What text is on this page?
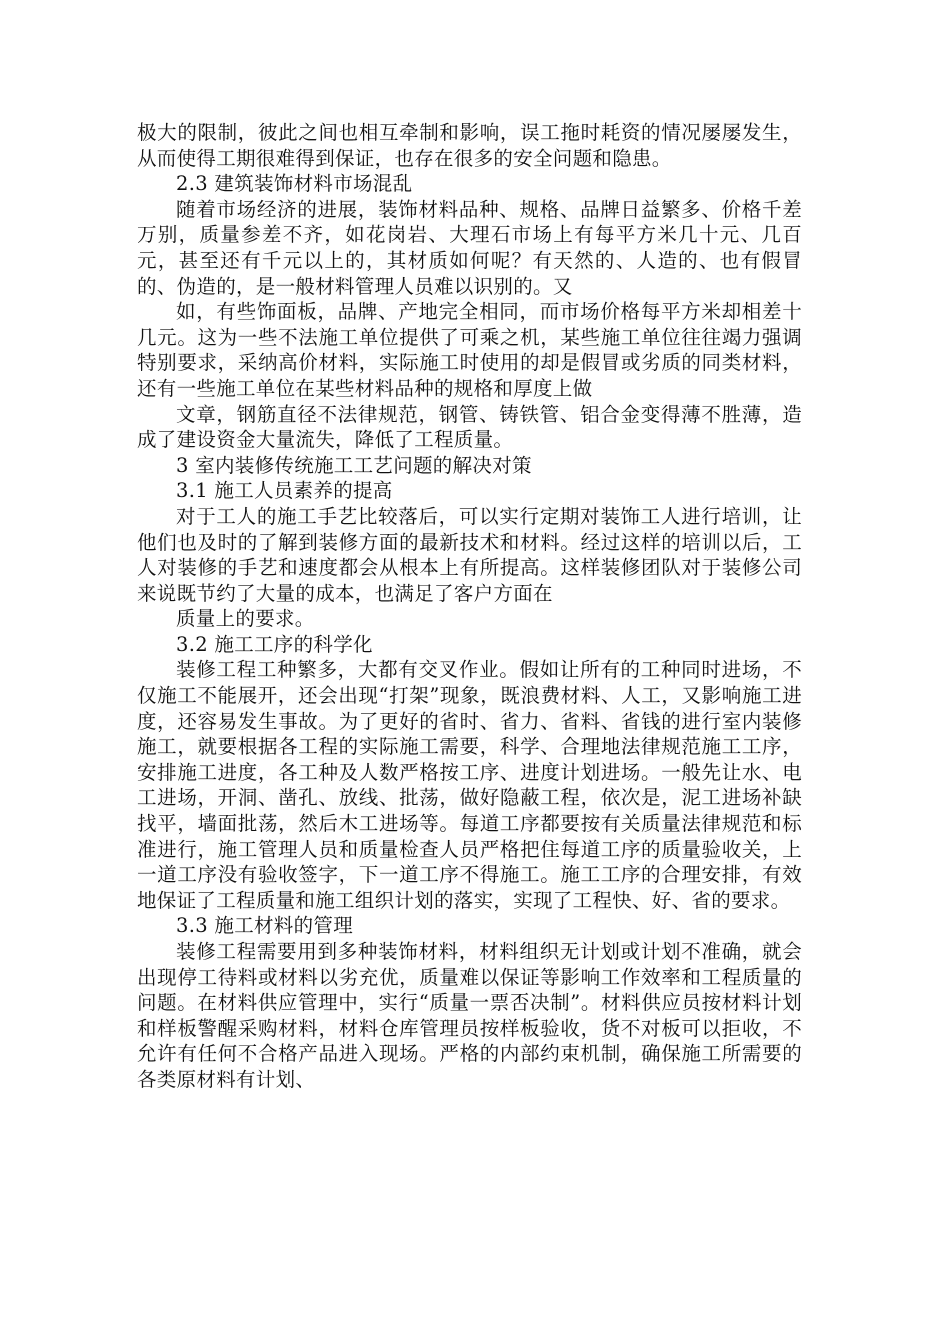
极大的限制，彼此之间也相互牵制和影响，误工拖时耗资的情况屡屡发生，从而使得工期很难得到保证，也存在很多的安全问题和隐患。

2.3 建筑装饰材料市场混乱

随着市场经济的进展，装饰材料品种、规格、品牌日益繁多、价格千差万别，质量参差不齐，如花岗岩、大理石市场上有每平方米几十元、几百元，甚至还有千元以上的，其材质如何呢？有天然的、人造的、也有假冒的、伪造的，是一般材料管理人员难以识别的。又

如，有些饰面板，品牌、产地完全相同，而市场价格每平方米却相差十几元。这为一些不法施工单位提供了可乘之机，某些施工单位往往竭力强调特别要求，采纳高价材料，实际施工时使用的却是假冒或劣质的同类材料，还有一些施工单位在某些材料品种的规格和厚度上做

文章，钢筋直径不法律规范，钢管、铸铁管、铝合金变得薄不胜薄，造成了建设资金大量流失，降低了工程质量。

3 室内装修传统施工工艺问题的解决对策

3.1 施工人员素养的提高

对于工人的施工手艺比较落后，可以实行定期对装饰工人进行培训，让他们也及时的了解到装修方面的最新技术和材料。经过这样的培训以后，工人对装修的手艺和速度都会从根本上有所提高。这样装修团队对于装修公司来说既节约了大量的成本，也满足了客户方面在

质量上的要求。

3.2 施工工序的科学化

装修工程工种繁多，大都有交叉作业。假如让所有的工种同时进场，不仅施工不能展开，还会出现“打架”现象，既浪费材料、人工，又影响施工进度，还容易发生事故。为了更好的省时、省力、省料、省钱的进行室内装修施工，就要根据各工程的实际施工需要，科学、合理地法律规范施工工序，安排施工进度，各工种及人数严格按工序、进度计划进场。一般先让水、电工进场，开洞、凿孔、放线、批荡，做好隐蔽工程，依次是，泥工进场补缺找平，墙面批荡，然后木工进场等。每道工序都要按有关质量法律规范和标准进行，施工管理人员和质量检查人员严格把住每道工序的质量验收关，上一道工序没有验收签字，下一道工序不得施工。施工工序的合理安排，有效地保证了工程质量和施工组织计划的落实，实现了工程快、好、省的要求。

3.3 施工材料的管理

装修工程需要用到多种装饰材料，材料组织无计划或计划不准确，就会出现停工待料或材料以劣充优，质量难以保证等影响工作效率和工程质量的问题。在材料供应管理中，实行“质量一票否决制”。材料供应员按材料计划和样板警醒采购材料，材料仓库管理员按样板验收，货不对板可以拒收，不允许有任何不合格产品进入现场。严格的内部约束机制，确保施工所需要的各类原材料有计划、
